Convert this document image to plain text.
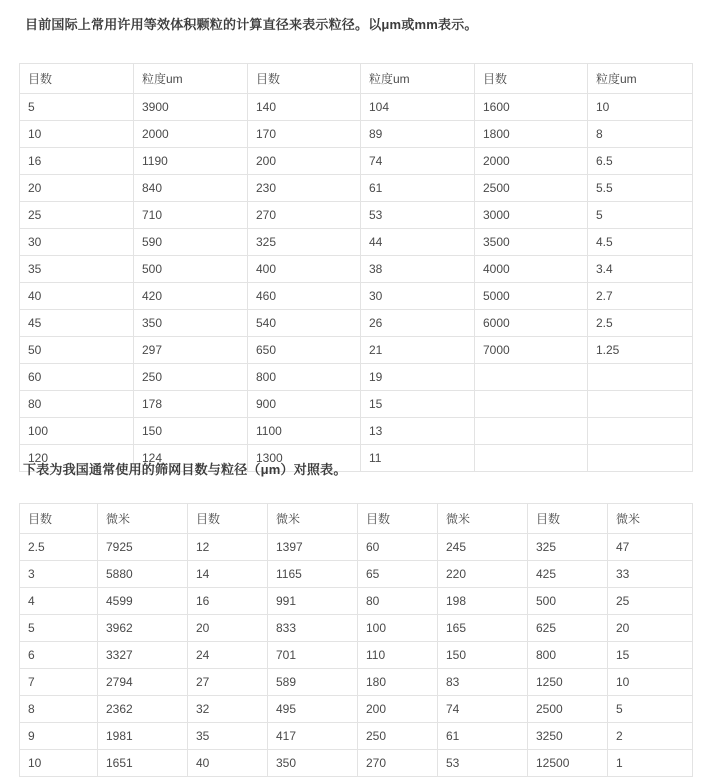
目前国际上常用许用等效体积颗粒的计算直径来表示粒径。以μm或mm表示。
目数	粒度um	目数	粒度um	目数	粒度um
5	3900	140	104	1600	10
10	2000	170	89	1800	8
16	1190	200	74	2000	6.5
20	840	230	61	2500	5.5
25	710	270	53	3000	5
30	590	325	44	3500	4.5
35	500	400	38	4000	3.4
40	420	460	30	5000	2.7
45	350	540	26	6000	2.5
50	297	650	21	7000	1.25
60	250	800	19		
80	178	900	15		
100	150	1100	13		
120	124	1300	11		
下表为我国通常使用的筛网目数与粒径（μm）对照表。
目数	微米	目数	微米	目数	微米	目数	微米
2.5	7925	12	1397	60	245	325	47
3	5880	14	1165	65	220	425	33
4	4599	16	991	80	198	500	25
5	3962	20	833	100	165	625	20
6	3327	24	701	110	150	800	15
7	2794	27	589	180	83	1250	10
8	2362	32	495	200	74	2500	5
9	1981	35	417	250	61	3250	2
10	1651	40	350	270	53	12500	1
